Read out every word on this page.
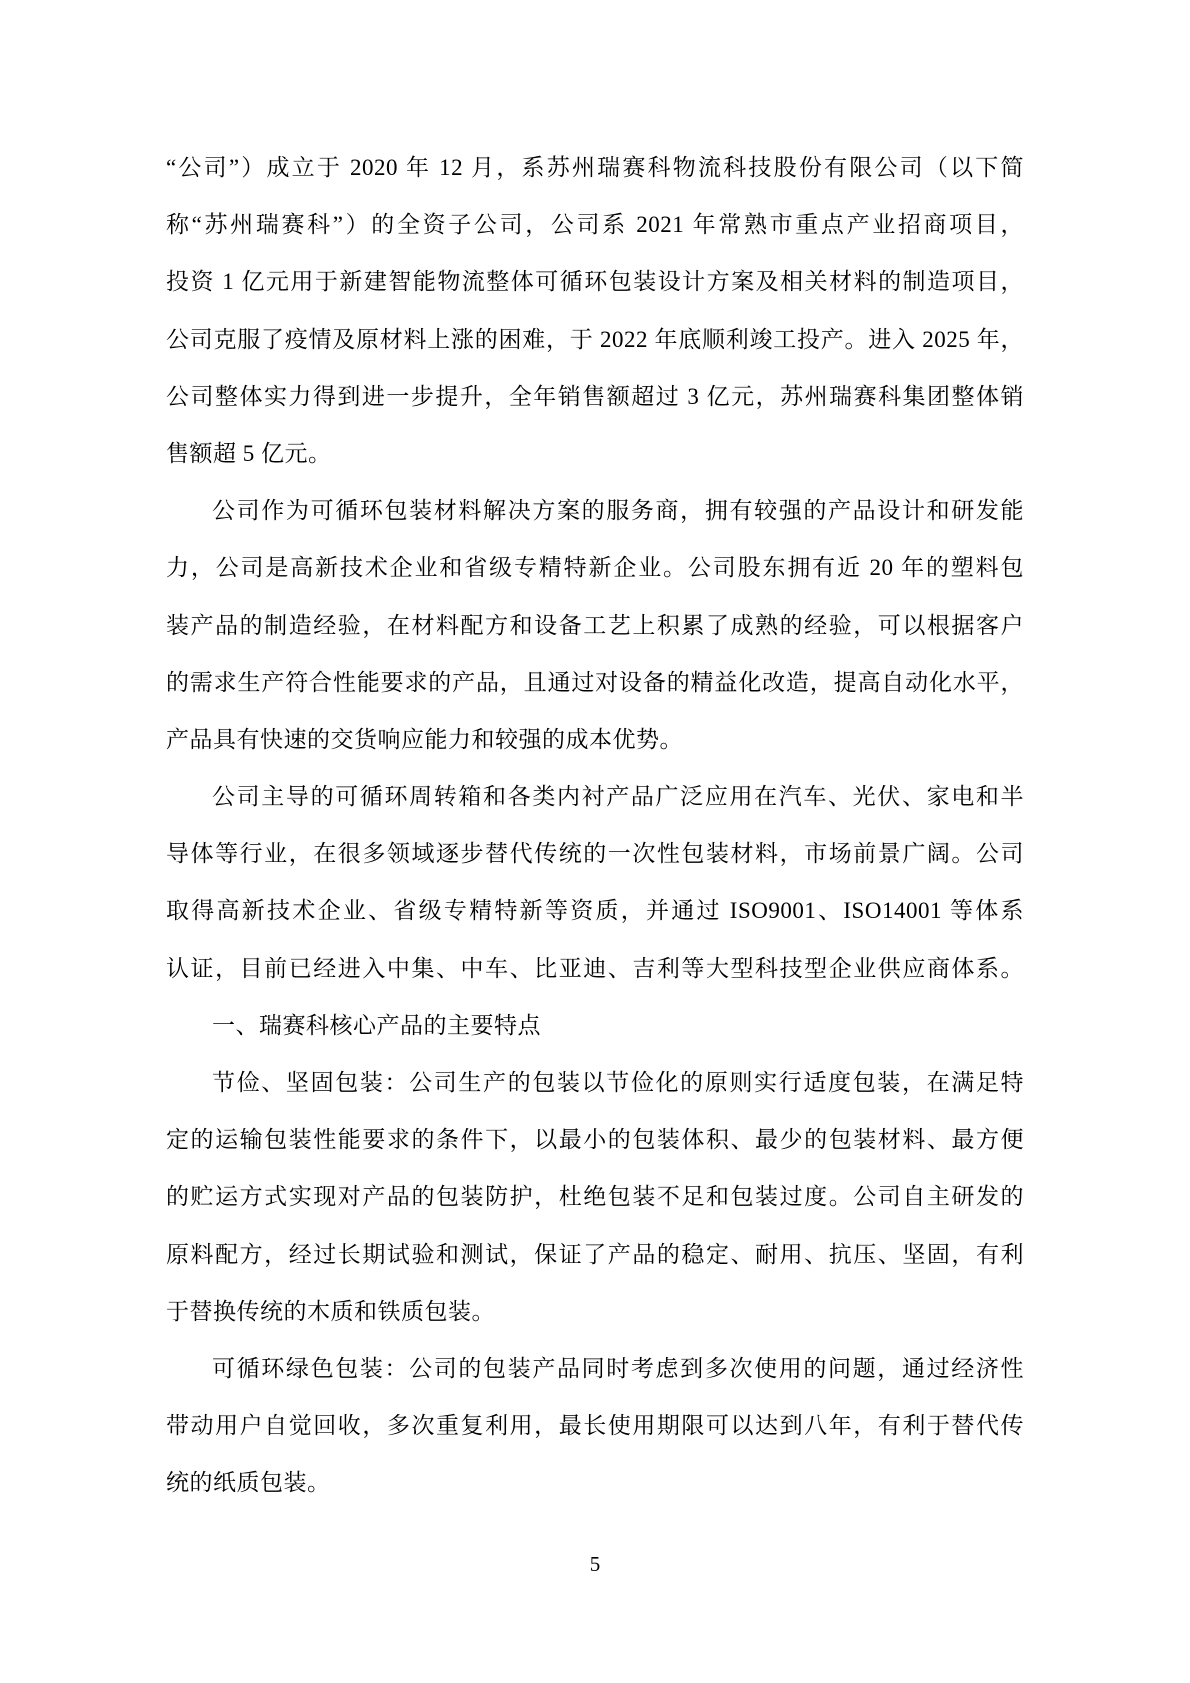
“公司”）成立于 2020 年 12 月，系苏州瑞赛科物流科技股份有限公司（以下简
称“苏州瑞赛科”）的全资子公司，公司系 2021 年常熟市重点产业招商项目，
投资 1 亿元用于新建智能物流整体可循环包装设计方案及相关材料的制造项目，
公司克服了疫情及原材料上涨的困难，于 2022 年底顺利竣工投产。进入 2025 年，
公司整体实力得到进一步提升，全年销售额超过 3 亿元，苏州瑞赛科集团整体销
售额超 5 亿元。
公司作为可循环包装材料解决方案的服务商，拥有较强的产品设计和研发能
力，公司是高新技术企业和省级专精特新企业。公司股东拥有近 20 年的塑料包
装产品的制造经验，在材料配方和设备工艺上积累了成熟的经验，可以根据客户
的需求生产符合性能要求的产品，且通过对设备的精益化改造，提高自动化水平，
产品具有快速的交货响应能力和较强的成本优势。
公司主导的可循环周转箱和各类内衬产品广泛应用在汽车、光伏、家电和半
导体等行业，在很多领域逐步替代传统的一次性包装材料，市场前景广阔。公司
取得高新技术企业、省级专精特新等资质，并通过 ISO9001、ISO14001 等体系
认证，目前已经进入中集、中车、比亚迪、吉利等大型科技型企业供应商体系。
一、瑞赛科核心产品的主要特点
节俭、坚固包装：公司生产的包装以节俭化的原则实行适度包装，在满足特
定的运输包装性能要求的条件下，以最小的包装体积、最少的包装材料、最方便
的贮运方式实现对产品的包装防护，杜绝包装不足和包装过度。公司自主研发的
原料配方，经过长期试验和测试，保证了产品的稳定、耐用、抗压、坚固，有利
于替换传统的木质和铁质包装。
可循环绿色包装：公司的包装产品同时考虑到多次使用的问题，通过经济性
带动用户自觉回收，多次重复利用，最长使用期限可以达到八年，有利于替代传
统的纸质包装。
5
